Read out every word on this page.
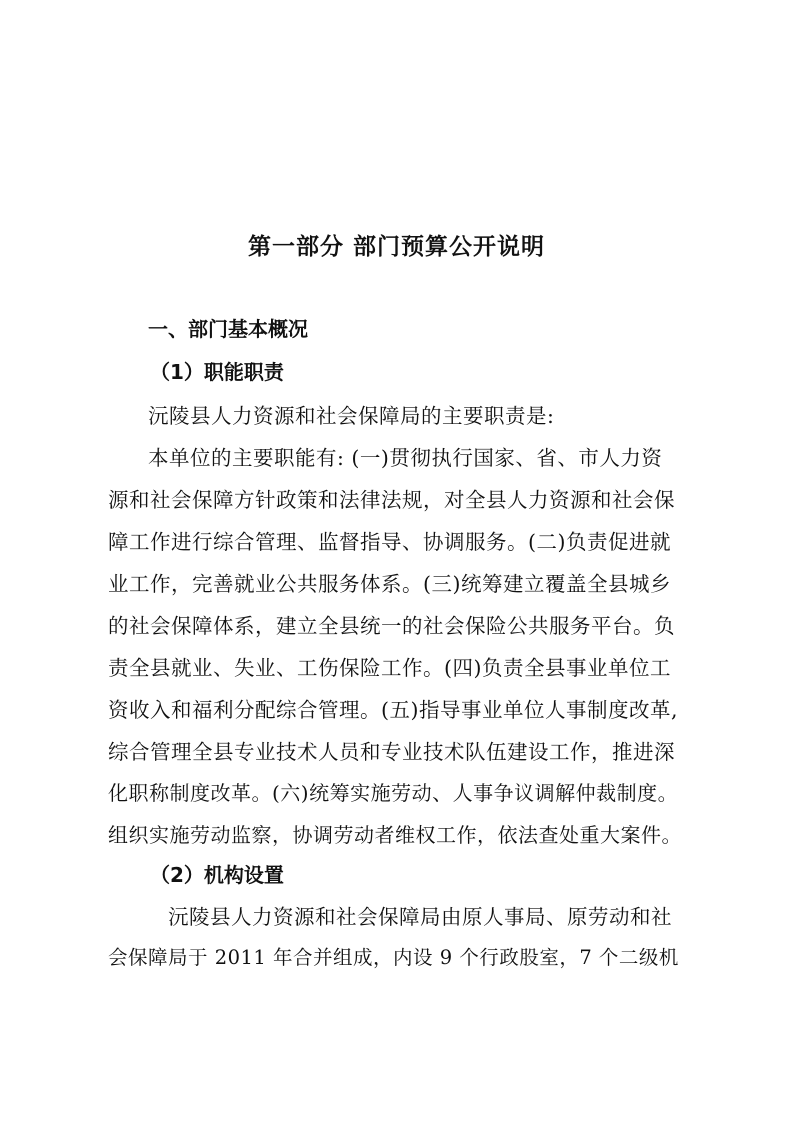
第一部分 部门预算公开说明
一、部门基本概况
（1）职能职责
沅陵县人力资源和社会保障局的主要职责是:
本单位的主要职能有: (一)贯彻执行国家、省、市人力资
源和社会保障方针政策和法律法规，对全县人力资源和社会保
障工作进行综合管理、监督指导、协调服务。(二)负责促进就
业工作，完善就业公共服务体系。(三)统筹建立覆盖全县城乡
的社会保障体系，建立全县统一的社会保险公共服务平台。负
责全县就业、失业、工伤保险工作。(四)负责全县事业单位工
资收入和福利分配综合管理。(五)指导事业单位人事制度改革,
综合管理全县专业技术人员和专业技术队伍建设工作，推进深
化职称制度改革。(六)统筹实施劳动、人事争议调解仲裁制度。
组织实施劳动监察，协调劳动者维权工作，依法查处重大案件。
（2）机构设置
沅陵县人力资源和社会保障局由原人事局、原劳动和社
会保障局于 2011 年合并组成，内设 9 个行政股室，7 个二级机
